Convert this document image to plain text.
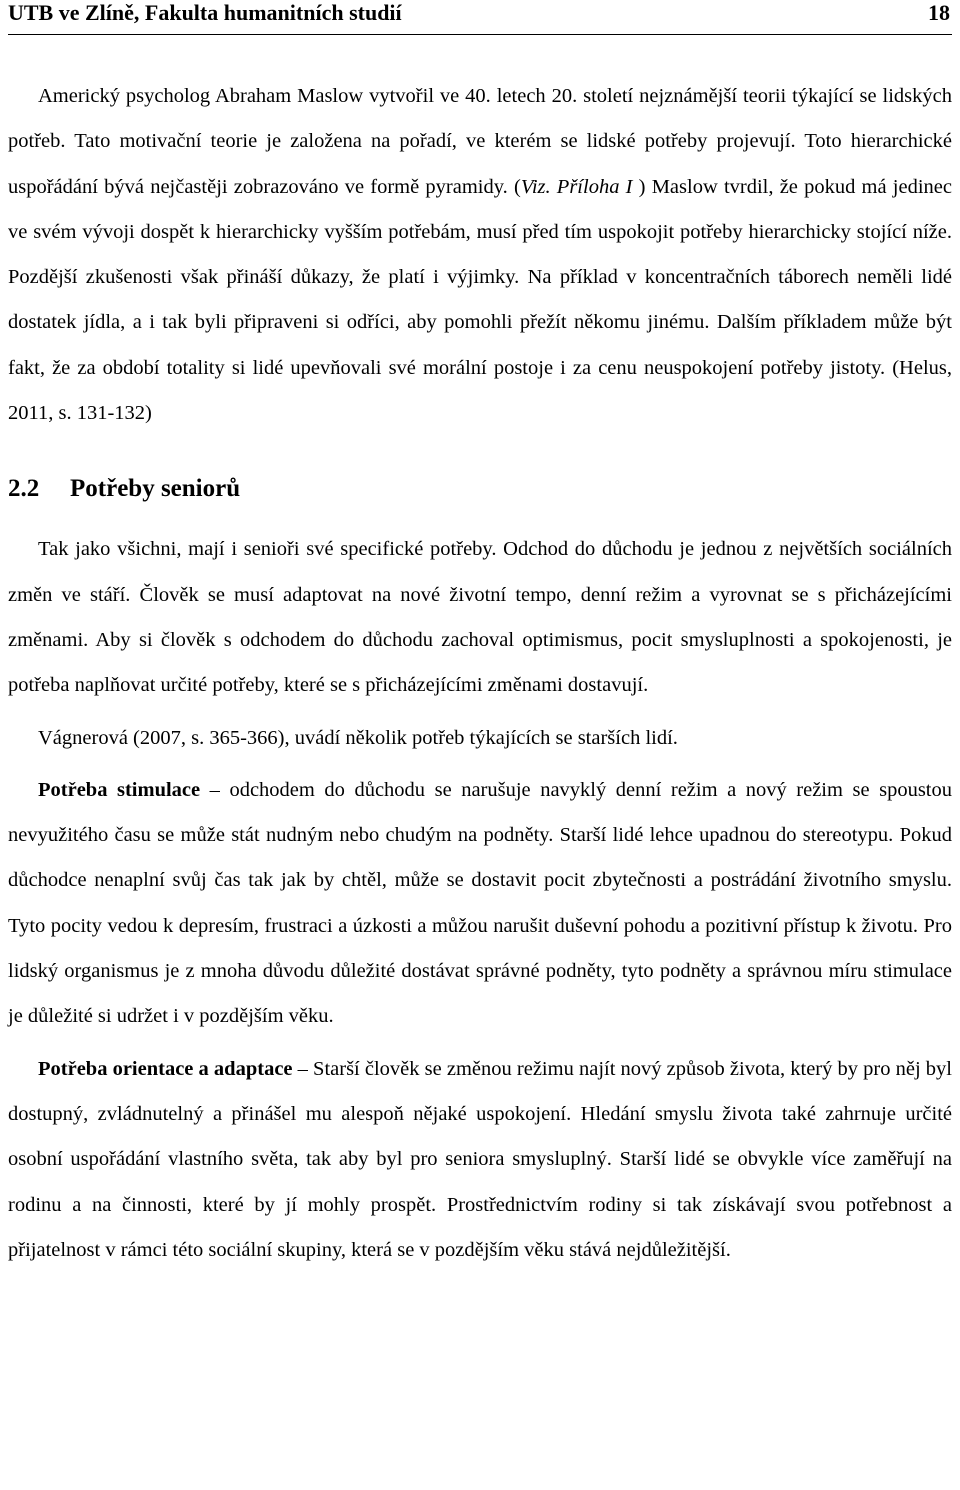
UTB ve Zlíně, Fakulta humanitních studií	18

Americký psycholog Abraham Maslow vytvořil ve 40. letech 20. století nejznámější teorii týkající se lidských potřeb. Tato motivační teorie je založena na pořadí, ve kterém se lidské potřeby projevují. Toto hierarchické uspořádání bývá nejčastěji zobrazováno ve formě pyramidy. (Viz. Příloha I ) Maslow tvrdil, že pokud má jedinec ve svém vývoji dospět k hierarchicky vyšším potřebám, musí před tím uspokojit potřeby hierarchicky stojící níže. Pozdější zkušenosti však přináší důkazy, že platí i výjimky. Na příklad v koncentračních táborech neměli lidé dostatek jídla, a i tak byli připraveni si odříci, aby pomohli přežít někomu jinému. Dalším příkladem může být fakt, že za období totality si lidé upevňovali své morální postoje i za cenu neuspokojení potřeby jistoty. (Helus, 2011, s. 131-132)

2.2	Potřeby seniorů

Tak jako všichni, mají i senioři své specifické potřeby. Odchod do důchodu je jednou z největších sociálních změn ve stáří. Člověk se musí adaptovat na nové životní tempo, denní režim a vyrovnat se s přicházejícími změnami. Aby si člověk s odchodem do důchodu zachoval optimismus, pocit smysluplnosti a spokojenosti, je potřeba naplňovat určité potřeby, které se s přicházejícími změnami dostavují.

Vágnerová (2007, s. 365-366), uvádí několik potřeb týkajících se starších lidí.

Potřeba stimulace – odchodem do důchodu se narušuje navyklý denní režim a nový režim se spoustou nevyužitého času se může stát nudným nebo chudým na podněty. Starší lidé lehce upadnou do stereotypu. Pokud důchodce nenaplní svůj čas tak jak by chtěl, může se dostavit pocit zbytečnosti a postrádání životního smyslu. Tyto pocity vedou k depresím, frustraci a úzkosti a můžou narušit duševní pohodu a pozitivní přístup k životu. Pro lidský organismus je z mnoha důvodu důležité dostávat správné podněty, tyto podněty a správnou míru stimulace je důležité si udržet i v pozdějším věku.

Potřeba orientace a adaptace – Starší člověk se změnou režimu najít nový způsob života, který by pro něj byl dostupný, zvládnutelný a přinášel mu alespoň nějaké uspokojení. Hledání smyslu života také zahrnuje určité osobní uspořádání vlastního světa, tak aby byl pro seniora smysluplný. Starší lidé se obvykle více zaměřují na rodinu a na činnosti, které by jí mohly prospět. Prostřednictvím rodiny si tak získávají svou potřebnost a přijatelnost v rámci této sociální skupiny, která se v pozdějším věku stává nejdůležitější.
